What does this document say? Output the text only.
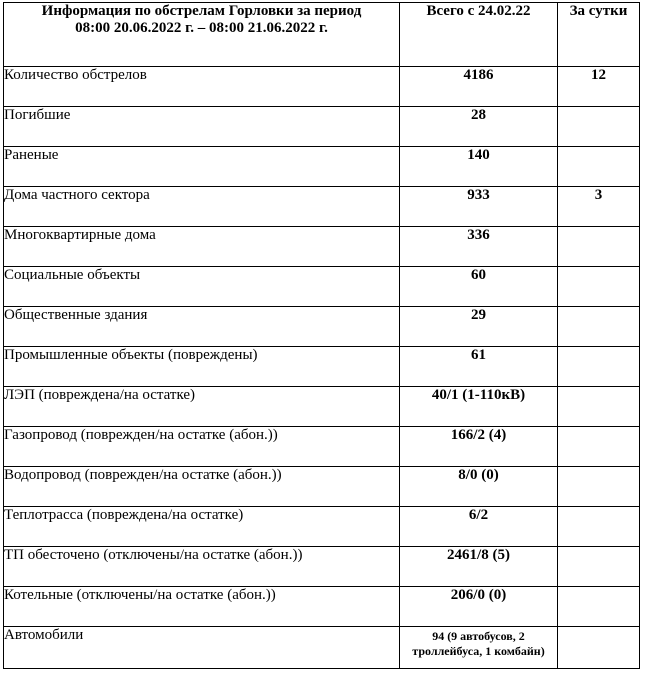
Информация по обстрелам Горловки за период
08:00 20.06.2022 г. – 08:00 21.06.2022 г.	Всего с 24.02.22	За сутки
Количество обстрелов	4186	12
Погибшие	28	
Раненые	140	
Дома частного сектора	933	3
Многоквартирные дома	336	
Социальные объекты	60	
Общественные здания	29	
Промышленные объекты (повреждены)	61	
ЛЭП (повреждена/на остатке)	40/1 (1-110кВ)	
Газопровод (поврежден/на остатке (абон.))	166/2 (4)	
Водопровод (поврежден/на остатке (абон.))	8/0 (0)	
Теплотрасса (повреждена/на остатке)	6/2	
ТП обесточено (отключены/на остатке (абон.))	2461/8 (5)	
Котельные (отключены/на остатке (абон.))	206/0 (0)	
Автомобили	94 (9 автобусов, 2
троллейбуса, 1 комбайн)	
